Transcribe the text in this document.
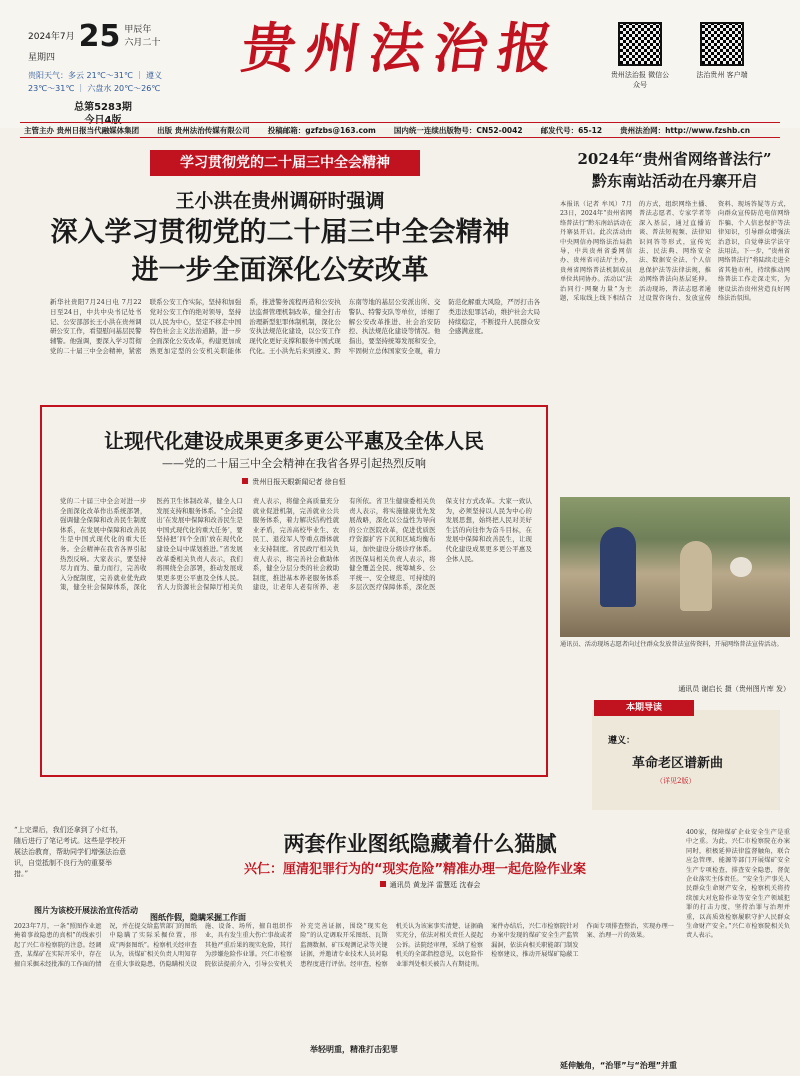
2024年7月 25 甲辰年
六月二十
星期四
贵阳天气：多云 21℃～31℃ ｜ 遵义 23℃～31℃ ｜ 六盘水 20℃～26℃
总第5283期
今日4版
贵州法治报	贵州法治报 微信公众号
法治贵州 客户端
主管主办 贵州日报当代融媒体集团 出版 贵州法治传媒有限公司 投稿邮箱：gzfzbs@163.com 国内统一连续出版物号：CN52-0042 邮发代号：65-12 贵州法治网：http://www.fzshb.cn
学习贯彻党的二十届三中全会精神
王小洪在贵州调研时强调
深入学习贯彻党的二十届三中全会精神
进一步全面深化公安改革
新华社贵阳7月24日电 7月22日至24日，中共中央书记处书记、公安部部长王小洪在贵州调研公安工作，看望慰问基层民警辅警。他强调，要深入学习贯彻党的二十届三中全会精神，紧密联系公安工作实际，坚持和加强党对公安工作的绝对领导，坚持以人民为中心，坚定不移走中国特色社会主义法治道路，进一步全面深化公安改革，构建更加成熟更加定型的公安机关职能体系，推进警务流程再造和公安执法监督管理机制改革，健全打击治理新型犯罪体制机制，深化公安执法规范化建设，以公安工作现代化更好支撑和服务中国式现代化。王小洪先后来到遵义、黔东南等地的基层公安派出所、交警队、特警支队等单位，详细了解公安改革推进、社会治安防控、执法规范化建设等情况。他指出，要坚持统筹发展和安全，牢固树立总体国家安全观，着力防范化解重大风险，严厉打击各类违法犯罪活动，维护社会大局持续稳定，不断提升人民群众安全感满意度。
让现代化建设成果更多更公平惠及全体人民
——党的二十届三中全会精神在我省各界引起热烈反响
贵州日报天眼新闻记者 徐自恒
党的二十届三中全会对进一步全面深化改革作出系统部署，强调健全保障和改善民生制度体系，在发展中保障和改善民生是中国式现代化的重大任务。全会精神在我省各界引起热烈反响。大家表示，要坚持尽力而为、量力而行，完善收入分配制度，完善就业优先政策，健全社会保障体系，深化医药卫生体制改革，健全人口发展支持和服务体系。“全会提出‘在发展中保障和改善民生是中国式现代化的重大任务’，要坚持把‘四个全面’放在现代化建设全局中谋划推进。”省发展改革委相关负责人表示，我们将围绕全会部署，推动发展成果更多更公平惠及全体人民。省人力资源社会保障厅相关负责人表示，将健全高质量充分就业促进机制，完善就业公共服务体系，着力解决结构性就业矛盾，完善高校毕业生、农民工、退役军人等重点群体就业支持制度。省民政厅相关负责人表示，将完善社会救助体系，健全分层分类的社会救助制度，推进基本养老服务体系建设，让老年人老有所养、老有所依。省卫生健康委相关负责人表示，将实施健康优先发展战略，深化以公益性为导向的公立医院改革，促进优质医疗资源扩容下沉和区域均衡布局，加快建设分级诊疗体系。省医保局相关负责人表示，将健全覆盖全民、统筹城乡、公平统一、安全规范、可持续的多层次医疗保障体系，深化医保支付方式改革。大家一致认为，必须坚持以人民为中心的发展思想，始终把人民对美好生活的向往作为奋斗目标，在发展中保障和改善民生，让现代化建设成果更多更公平惠及全体人民。
2024年“贵州省网络普法行”
黔东南站活动在丹寨开启
本报讯（记者 牟凤）7月23日，2024年“贵州省网络普法行”黔东南站活动在丹寨县开启。此次活动由中央网信办网络法治局指导，中共贵州省委网信办、贵州省司法厅主办，贵州省网络普法机制成员单位共同协办。活动以“法治同行·网聚力量”为主题，采取线上线下相结合的方式，组织网络主播、普法志愿者、专家学者等深入基层，通过直播访谈、普法短视频、法律知识问答等形式，宣传宪法、民法典、网络安全法、数据安全法、个人信息保护法等法律法规，推动网络普法向基层延伸。活动现场，普法志愿者通过设置咨询台、发放宣传资料、现场答疑等方式，向群众宣传防范电信网络诈骗、个人信息保护等法律知识，引导群众增强法治意识，自觉尊法学法守法用法。下一步，“贵州省网络普法行”将陆续走进全省其他市州，持续推动网络普法工作走深走实，为建设法治贵州营造良好网络法治氛围。
通讯员、活动现场志愿者向过往群众发放普法宣传资料，开展网络普法宣传活动。
通讯员 谢启长 摄（贵州图片库 发）
本期导读
遵义：
革命老区谱新曲
（详见2版）
“上完课后，我们还拿到了小红书，随后进行了笔记考试。这些是学校开展法治教育，帮助同学们增强法治意识，自觉抵制不良行为的重要举措。”
图片为该校开展法治宣传活动
两套作业图纸隐藏着什么猫腻
兴仁：厘清犯罪行为的“现实危险”精准办理一起危险作业案
通讯员 黄龙洋 雷慧廷 沈春会
图纸作假，隐瞒采掘工作面
2023年7月，一条“照图作业遮掩着事故隐患的真相”的线索引起了兴仁市检察院的注意。经调查，某煤矿在实际开采中，存在擅自采掘未经批准的工作面的情况，并在提交给监管部门的图纸中隐瞒了实际采掘位置，形成“两套图纸”。检察机关经审查认为，该煤矿相关负责人明知存在重大事故隐患，仍隐瞒相关设施、设备、场所，擅自组织作业，具有发生重大伤亡事故或者其他严重后果的现实危险，其行为涉嫌危险作业罪。兴仁市检察院依法提前介入，引导公安机关补充完善证据，围绕“现实危险”的认定调取开采图纸、瓦斯监测数据、矿压观测记录等关键证据，并邀请专业技术人员对隐患程度进行评估。经审查，检察机关认为该案事实清楚、证据确实充分，依法对相关责任人提起公诉。法院经审理，采纳了检察机关的全部指控意见，以危险作业罪判处相关被告人有期徒刑。案件办结后，兴仁市检察院针对办案中发现的煤矿安全生产监管漏洞，依法向相关职能部门制发检察建议，推动开展煤矿隐蔽工作面专项排查整治，实现办理一案、治理一片的效果。
举轻明重，精准打击犯罪
延伸触角，“治罪”与“治理”并重
400家，保障煤矿企业安全生产是重中之重。为此，兴仁市检察院在办案同时，积极延伸法律监督触角，联合应急管理、能源等部门开展煤矿安全生产专项检查，排查安全隐患，督促企业落实主体责任。“安全生产事关人民群众生命财产安全，检察机关将持续加大对危险作业等安全生产领域犯罪的打击力度，坚持治罪与治理并重，以高质效检察履职守护人民群众生命财产安全。”兴仁市检察院相关负责人表示。
